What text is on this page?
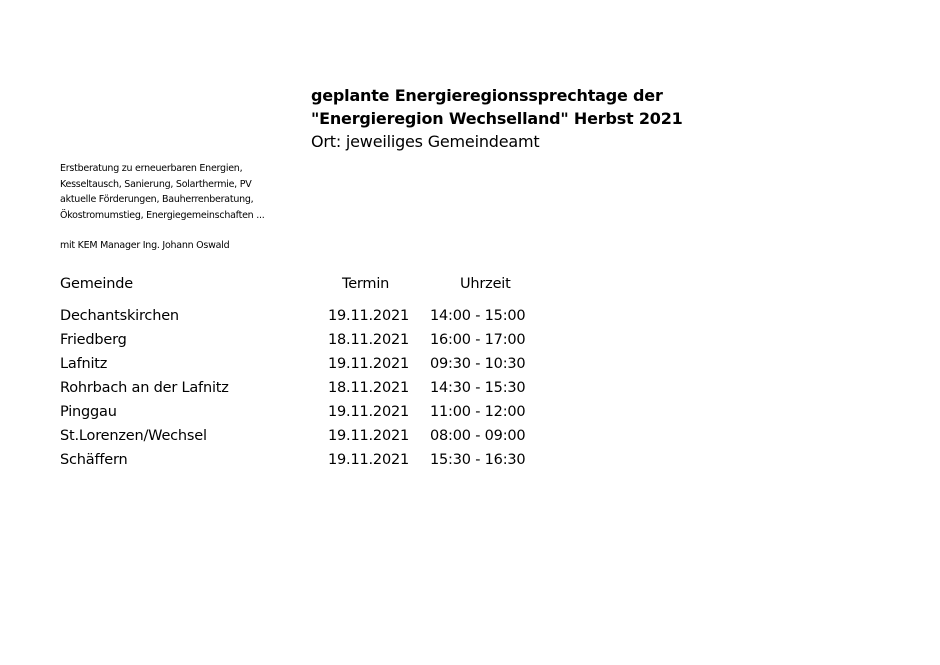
geplante Energieregionssprechtage der
"Energieregion Wechselland" Herbst 2021
Ort: jeweiliges Gemeindeamt
Erstberatung zu erneuerbaren Energien,
Kesseltausch, Sanierung, Solarthermie, PV
aktuelle Förderungen, Bauherrenberatung,
Ökostromumstieg, Energiegemeinschaften ...
mit KEM Manager Ing. Johann Oswald
Gemeinde	Termin	Uhrzeit
Dechantskirchen	19.11.2021 14:00 - 15:00
Friedberg	18.11.2021 16:00 - 17:00
Lafnitz	19.11.2021 09:30 - 10:30
Rohrbach an der Lafnitz	18.11.2021 14:30 - 15:30
Pinggau	19.11.2021 11:00 - 12:00
St.Lorenzen/Wechsel	19.11.2021 08:00 - 09:00
Schäffern	19.11.2021 15:30 - 16:30
